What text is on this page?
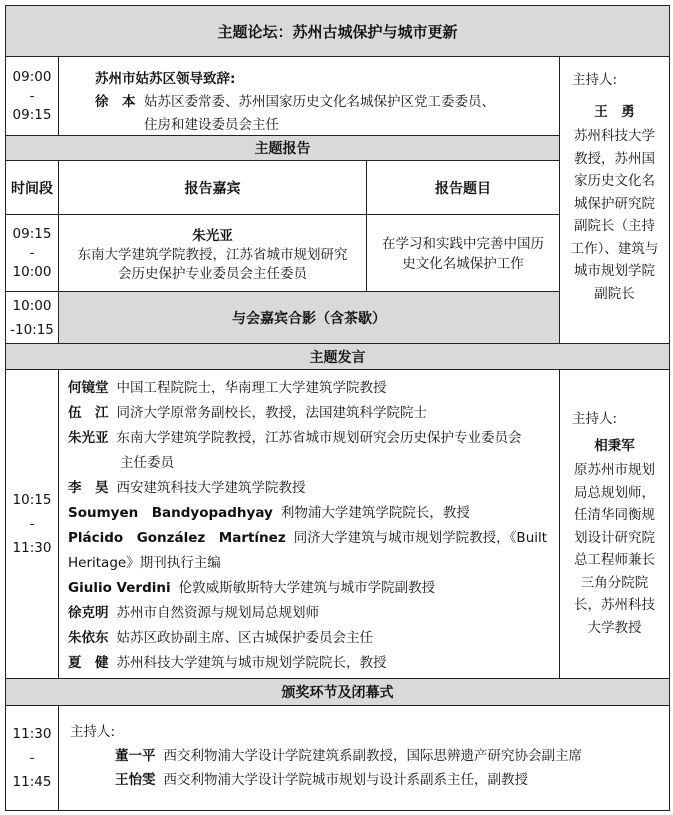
主题论坛：苏州古城保护与城市更新
09:00
-
09:15
苏州市姑苏区领导致辞:
徐　本 姑苏区委常委、苏州国家历史文化名城保护区党工委委员、
住房和建设委员会主任
主持人:
王　勇
苏州科技大学
教授，苏州国
家历史文化名
城保护研究院
副院长（主持
工作）、建筑与
城市规划学院
副院长
主题报告
时间段	报告嘉宾	报告题目
09:15
-
10:00
朱光亚
东南大学建筑学院教授，江苏省城市规划研究
会历史保护专业委员会主任委员
在学习和实践中完善中国历
史文化名城保护工作
10:00
-10:15
与会嘉宾合影（含茶歇）
主题发言
10:15
-
11:30
何镜堂 中国工程院院士，华南理工大学建筑学院教授
伍　江 同济大学原常务副校长，教授，法国建筑科学院院士
朱光亚 东南大学建筑学院教授，江苏省城市规划研究会历史保护专业委员会
主任委员
李　昊 西安建筑科技大学建筑学院教授
Soumyen　Bandyopadhyay 利物浦大学建筑学院院长，教授
Plácido　González　Martínez 同济大学建筑与城市规划学院教授，《Built
Heritage》期刊执行主编
Giulio Verdini 伦敦威斯敏斯特大学建筑与城市学院副教授
徐克明 苏州市自然资源与规划局总规划师
朱依东 姑苏区政协副主席、区古城保护委员会主任
夏　健 苏州科技大学建筑与城市规划学院院长，教授
主持人:
相秉军
原苏州市规划
局总规划师，
任清华同衡规
划设计研究院
总工程师兼长
三角分院院
长，苏州科技
大学教授
颁奖环节及闭幕式
11:30
-
11:45
主持人:
董一平 西交利物浦大学设计学院建筑系副教授，国际思辨遗产研究协会副主席
王怡雯 西交利物浦大学设计学院城市规划与设计系副系主任，副教授
